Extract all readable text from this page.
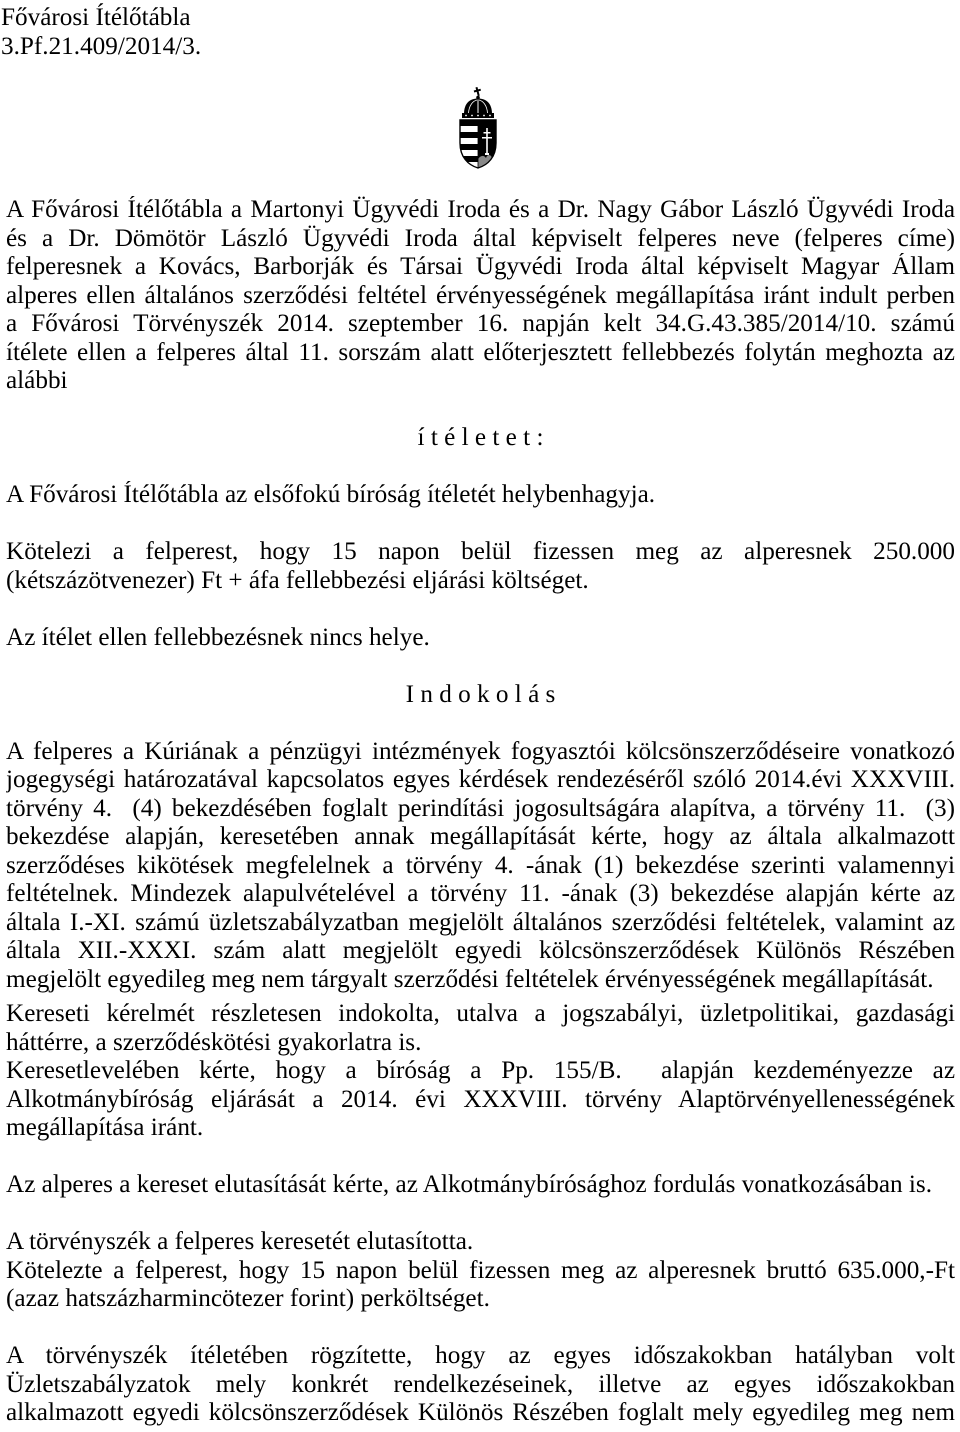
Fővárosi Ítélőtábla
3.Pf.21.409/2014/3.
A Fővárosi Ítélőtábla a Martonyi Ügyvédi Iroda és a Dr. Nagy Gábor László Ügyvédi Iroda
és a Dr. Dömötör László Ügyvédi Iroda által képviselt felperes neve (felperes címe)
felperesnek a Kovács, Barborják és Társai Ügyvédi Iroda által képviselt Magyar Állam
alperes ellen általános szerződési feltétel érvényességének megállapítása iránt indult perben
a Fővárosi Törvényszék 2014. szeptember 16. napján kelt 34.G.43.385/2014/10. számú
ítélete ellen a felperes által 11. sorszám alatt előterjesztett fellebbezés folytán meghozta az
alábbi
í t é l e t e t :
A Fővárosi Ítélőtábla az elsőfokú bíróság ítéletét helybenhagyja.
Kötelezi a felperest, hogy 15 napon belül fizessen meg az alperesnek 250.000
(kétszázötvenezer) Ft + áfa fellebbezési eljárási költséget.
Az ítélet ellen fellebbezésnek nincs helye.
I n d o k o l á s
A felperes a Kúriának a pénzügyi intézmények fogyasztói kölcsönszerződéseire vonatkozó
jogegységi határozatával kapcsolatos egyes kérdések rendezéséről szóló 2014.évi XXXVIII.
törvény 4.  (4) bekezdésében foglalt perindítási jogosultságára alapítva, a törvény 11.  (3)
bekezdése alapján, keresetében annak megállapítását kérte, hogy az általa alkalmazott
szerződéses kikötések megfelelnek a törvény 4. -ának (1) bekezdése szerinti valamennyi
feltételnek. Mindezek alapulvételével a törvény 11. -ának (3) bekezdése alapján kérte az
általa I.-XI. számú üzletszabályzatban megjelölt általános szerződési feltételek, valamint az
általa XII.-XXXI. szám alatt megjelölt egyedi kölcsönszerződések Különös Részében
megjelölt egyedileg meg nem tárgyalt szerződési feltételek érvényességének megállapítását.
Kereseti kérelmét részletesen indokolta, utalva a jogszabályi, üzletpolitikai, gazdasági
háttérre, a szerződéskötési gyakorlatra is.
Keresetlevelében kérte, hogy a bíróság a Pp. 155/B.  alapján kezdeményezze az
Alkotmánybíróság eljárását a 2014. évi XXXVIII. törvény Alaptörvényellenességének
megállapítása iránt.
Az alperes a kereset elutasítását kérte, az Alkotmánybírósághoz fordulás vonatkozásában is.
A törvényszék a felperes keresetét elutasította.
Kötelezte a felperest, hogy 15 napon belül fizessen meg az alperesnek bruttó 635.000,-Ft
(azaz hatszázharmincötezer forint) perköltséget.
A törvényszék ítéletében rögzítette, hogy az egyes időszakokban hatályban volt
Üzletszabályzatok mely konkrét rendelkezéseinek, illetve az egyes időszakokban
alkalmazott egyedi kölcsönszerződések Különös Részében foglalt mely egyedileg meg nem
